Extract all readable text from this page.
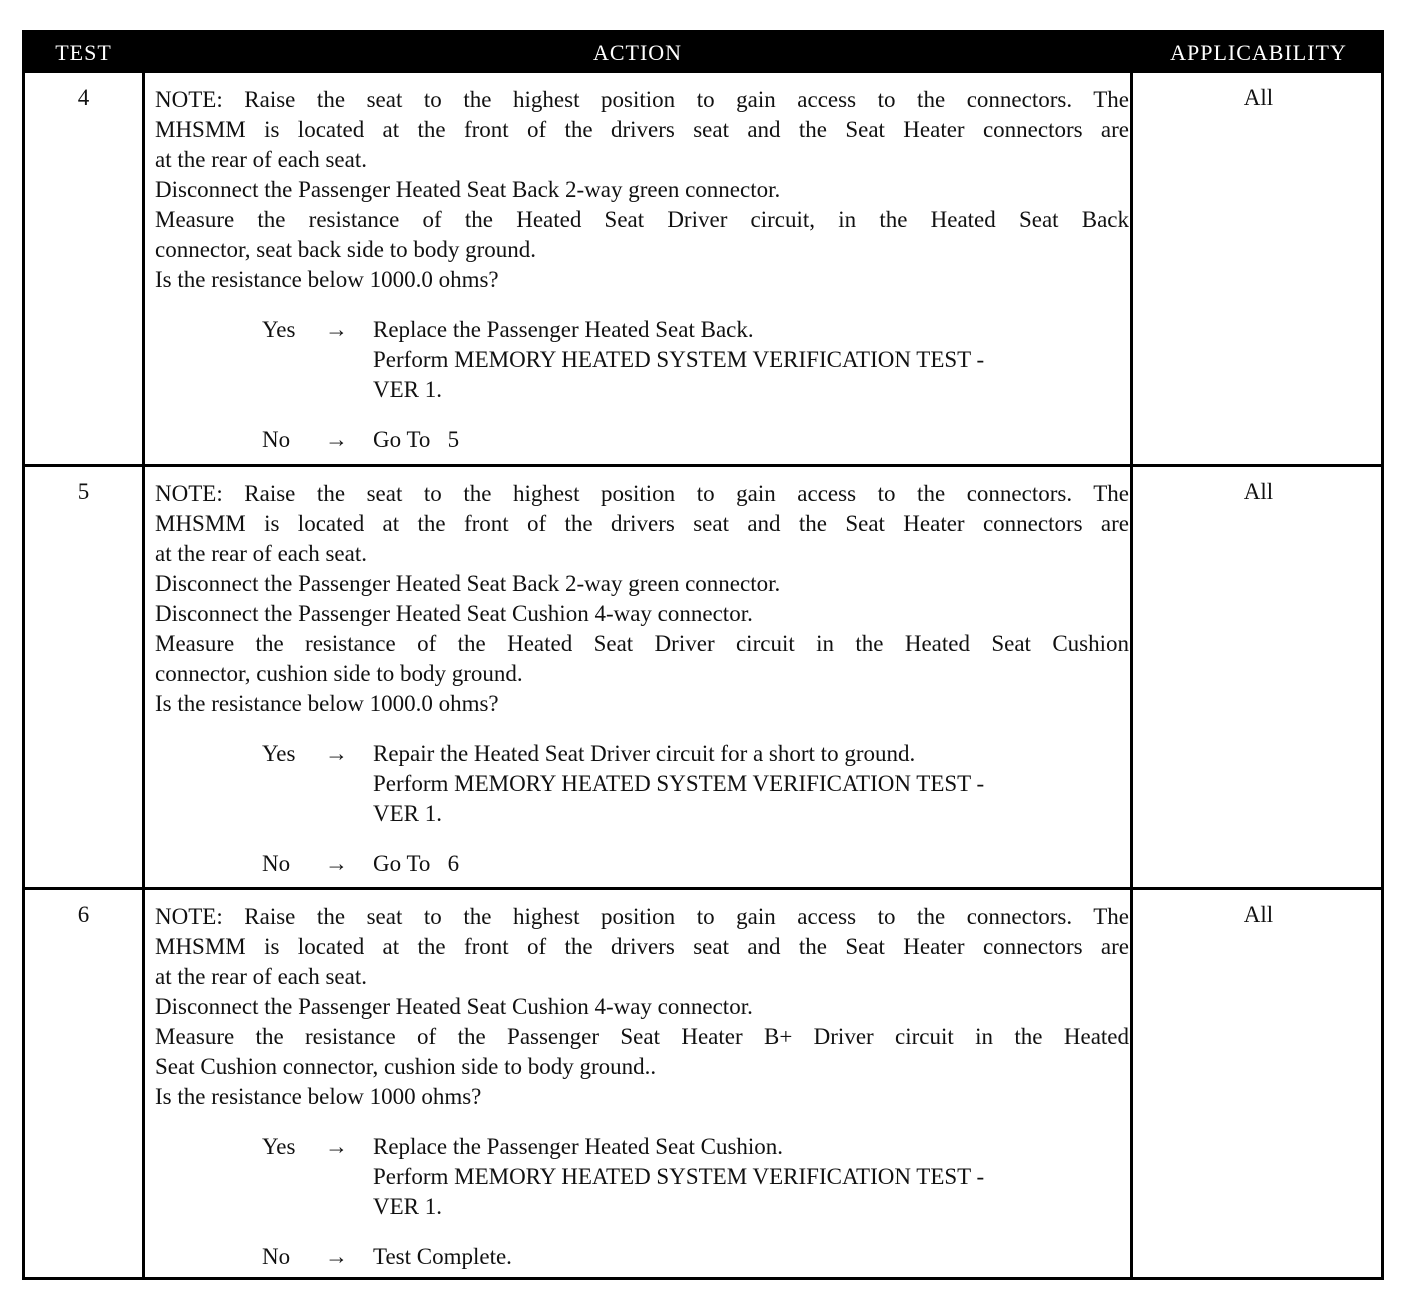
TEST	ACTION	APPLICABILITY
4	NOTE: Raise the seat to the highest position to gain access to the connectors. The

MHSMM is located at the front of the drivers seat and the Seat Heater connectors are

at the rear of each seat.

Disconnect the Passenger Heated Seat Back 2-way green connector.

Measure the resistance of the Heated Seat Driver circuit, in the Heated Seat Back

connector, seat back side to body ground.

Is the resistance below 1000.0 ohms?

Yes → Replace the Passenger Heated Seat Back.

Perform MEMORY HEATED SYSTEM VERIFICATION TEST -

VER 1.

No → Go To   5

All
5	NOTE: Raise the seat to the highest position to gain access to the connectors. The

MHSMM is located at the front of the drivers seat and the Seat Heater connectors are

at the rear of each seat.

Disconnect the Passenger Heated Seat Back 2-way green connector.

Disconnect the Passenger Heated Seat Cushion 4-way connector.

Measure the resistance of the Heated Seat Driver circuit in the Heated Seat Cushion

connector, cushion side to body ground.

Is the resistance below 1000.0 ohms?

Yes → Repair the Heated Seat Driver circuit for a short to ground.

Perform MEMORY HEATED SYSTEM VERIFICATION TEST -

VER 1.

No → Go To   6

All
6	NOTE: Raise the seat to the highest position to gain access to the connectors. The

MHSMM is located at the front of the drivers seat and the Seat Heater connectors are

at the rear of each seat.

Disconnect the Passenger Heated Seat Cushion 4-way connector.

Measure the resistance of the Passenger Seat Heater B+ Driver circuit in the Heated

Seat Cushion connector, cushion side to body ground..

Is the resistance below 1000 ohms?

Yes → Replace the Passenger Heated Seat Cushion.

Perform MEMORY HEATED SYSTEM VERIFICATION TEST -

VER 1.

No → Test Complete.

All
